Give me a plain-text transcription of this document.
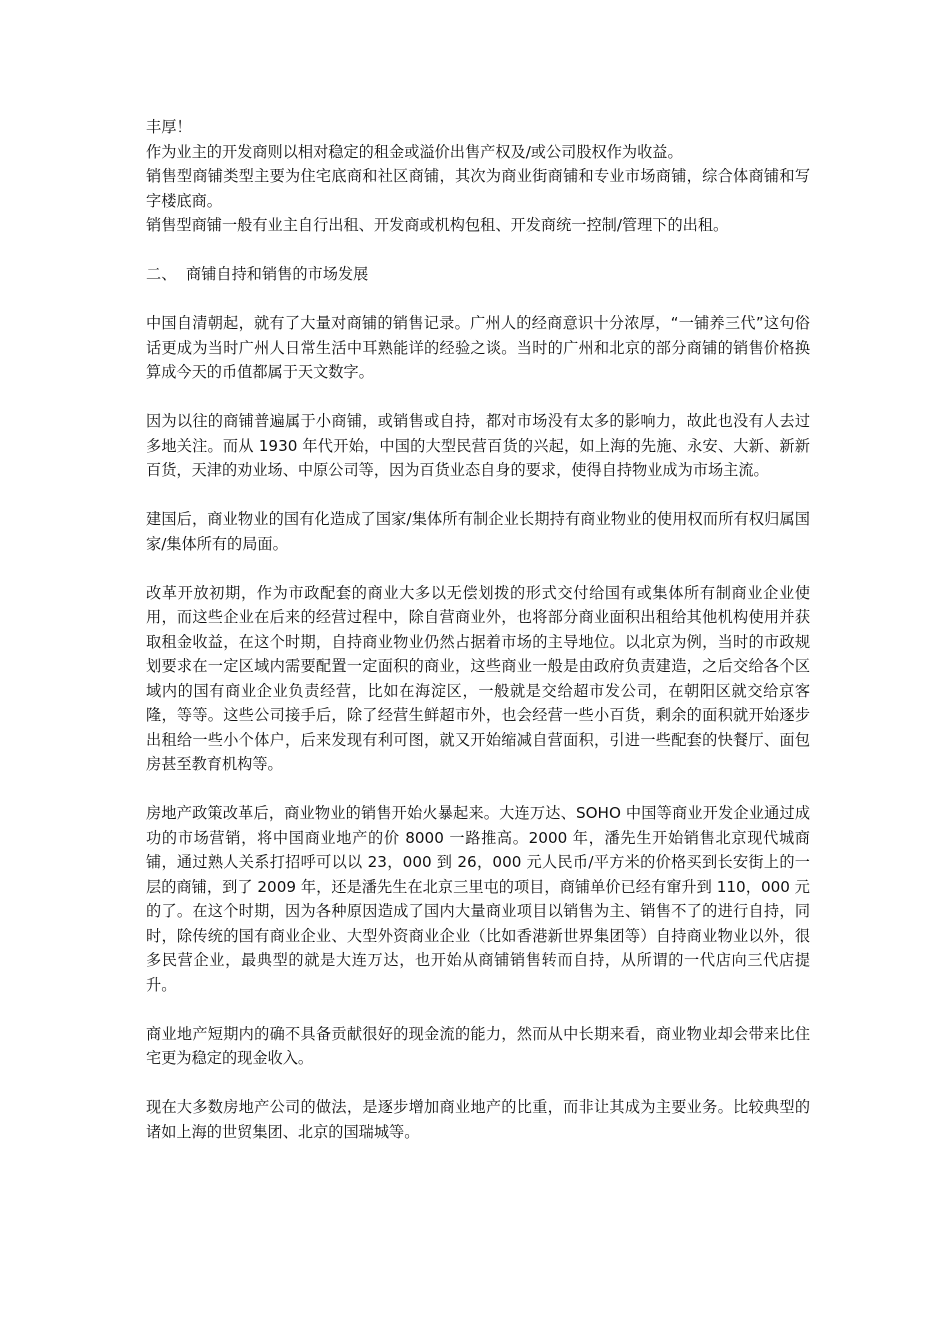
丰厚！

作为业主的开发商则以相对稳定的租金或溢价出售产权及/或公司股权作为收益。

销售型商铺类型主要为住宅底商和社区商铺，其次为商业街商铺和专业市场商铺，综合体商铺和写字楼底商。

销售型商铺一般有业主自行出租、开发商或机构包租、开发商统一控制/管理下的出租。

二、  商铺自持和销售的市场发展

中国自清朝起，就有了大量对商铺的销售记录。广州人的经商意识十分浓厚，“一铺养三代”这句俗话更成为当时广州人日常生活中耳熟能详的经验之谈。当时的广州和北京的部分商铺的销售价格换算成今天的币值都属于天文数字。

因为以往的商铺普遍属于小商铺，或销售或自持，都对市场没有太多的影响力，故此也没有人去过多地关注。而从 1930 年代开始，中国的大型民营百货的兴起，如上海的先施、永安、大新、新新百货，天津的劝业场、中原公司等，因为百货业态自身的要求，使得自持物业成为市场主流。

建国后，商业物业的国有化造成了国家/集体所有制企业长期持有商业物业的使用权而所有权归属国家/集体所有的局面。

改革开放初期，作为市政配套的商业大多以无偿划拨的形式交付给国有或集体所有制商业企业使用，而这些企业在后来的经营过程中，除自营商业外，也将部分商业面积出租给其他机构使用并获取租金收益，在这个时期，自持商业物业仍然占据着市场的主导地位。以北京为例，当时的市政规划要求在一定区域内需要配置一定面积的商业，这些商业一般是由政府负责建造，之后交给各个区域内的国有商业企业负责经营，比如在海淀区，一般就是交给超市发公司，在朝阳区就交给京客隆，等等。这些公司接手后，除了经营生鲜超市外，也会经营一些小百货，剩余的面积就开始逐步出租给一些小个体户，后来发现有利可图，就又开始缩减自营面积，引进一些配套的快餐厅、面包房甚至教育机构等。

房地产政策改革后，商业物业的销售开始火暴起来。大连万达、SOHO 中国等商业开发企业通过成功的市场营销，将中国商业地产的价 8000 一路推高。2000 年，潘先生开始销售北京现代城商铺，通过熟人关系打招呼可以以 23，000 到 26，000 元人民币/平方米的价格买到长安街上的一层的商铺，到了 2009 年，还是潘先生在北京三里屯的项目，商铺单价已经有窜升到 110，000 元的了。在这个时期，因为各种原因造成了国内大量商业项目以销售为主、销售不了的进行自持，同时，除传统的国有商业企业、大型外资商业企业（比如香港新世界集团等）自持商业物业以外，很多民营企业，最典型的就是大连万达，也开始从商铺销售转而自持，从所谓的一代店向三代店提升。

商业地产短期内的确不具备贡献很好的现金流的能力，然而从中长期来看，商业物业却会带来比住宅更为稳定的现金收入。

现在大多数房地产公司的做法，是逐步增加商业地产的比重，而非让其成为主要业务。比较典型的诸如上海的世贸集团、北京的国瑞城等。
